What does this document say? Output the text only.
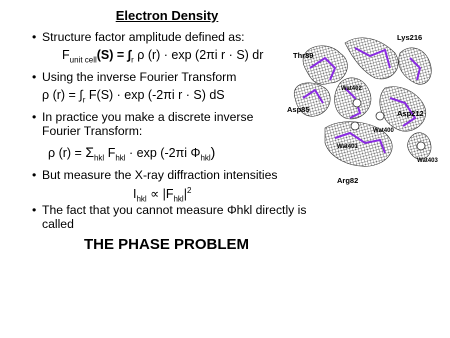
Electron Density
• Structure factor amplitude defined as:
$F_{unit cell}(S) = \int_r$ ρ (r) · exp (2πi r · S) dr
• Using the inverse Fourier Transform
ρ $(r) = \int_r$ F(S) · exp (-2πi r · S) dS
• In practice you make a discrete inverse Fourier Transform:
ρ $(r) = \Sigma_{hkl}$ $F_{hkl} \cdot \exp (-2\pi i$ $\Phi_{hkl}$)
• But measure the X-ray diffraction intensities
$I_{hkl} \propto |F_{hkl}|^2$
• The fact that you cannot measure Φhkl directly is called
THE PHASE PROBLEM
Thr89
Lys216
Wat402
Asp85	Asp212
Wat400
Wat401
Wat403
Arg82
